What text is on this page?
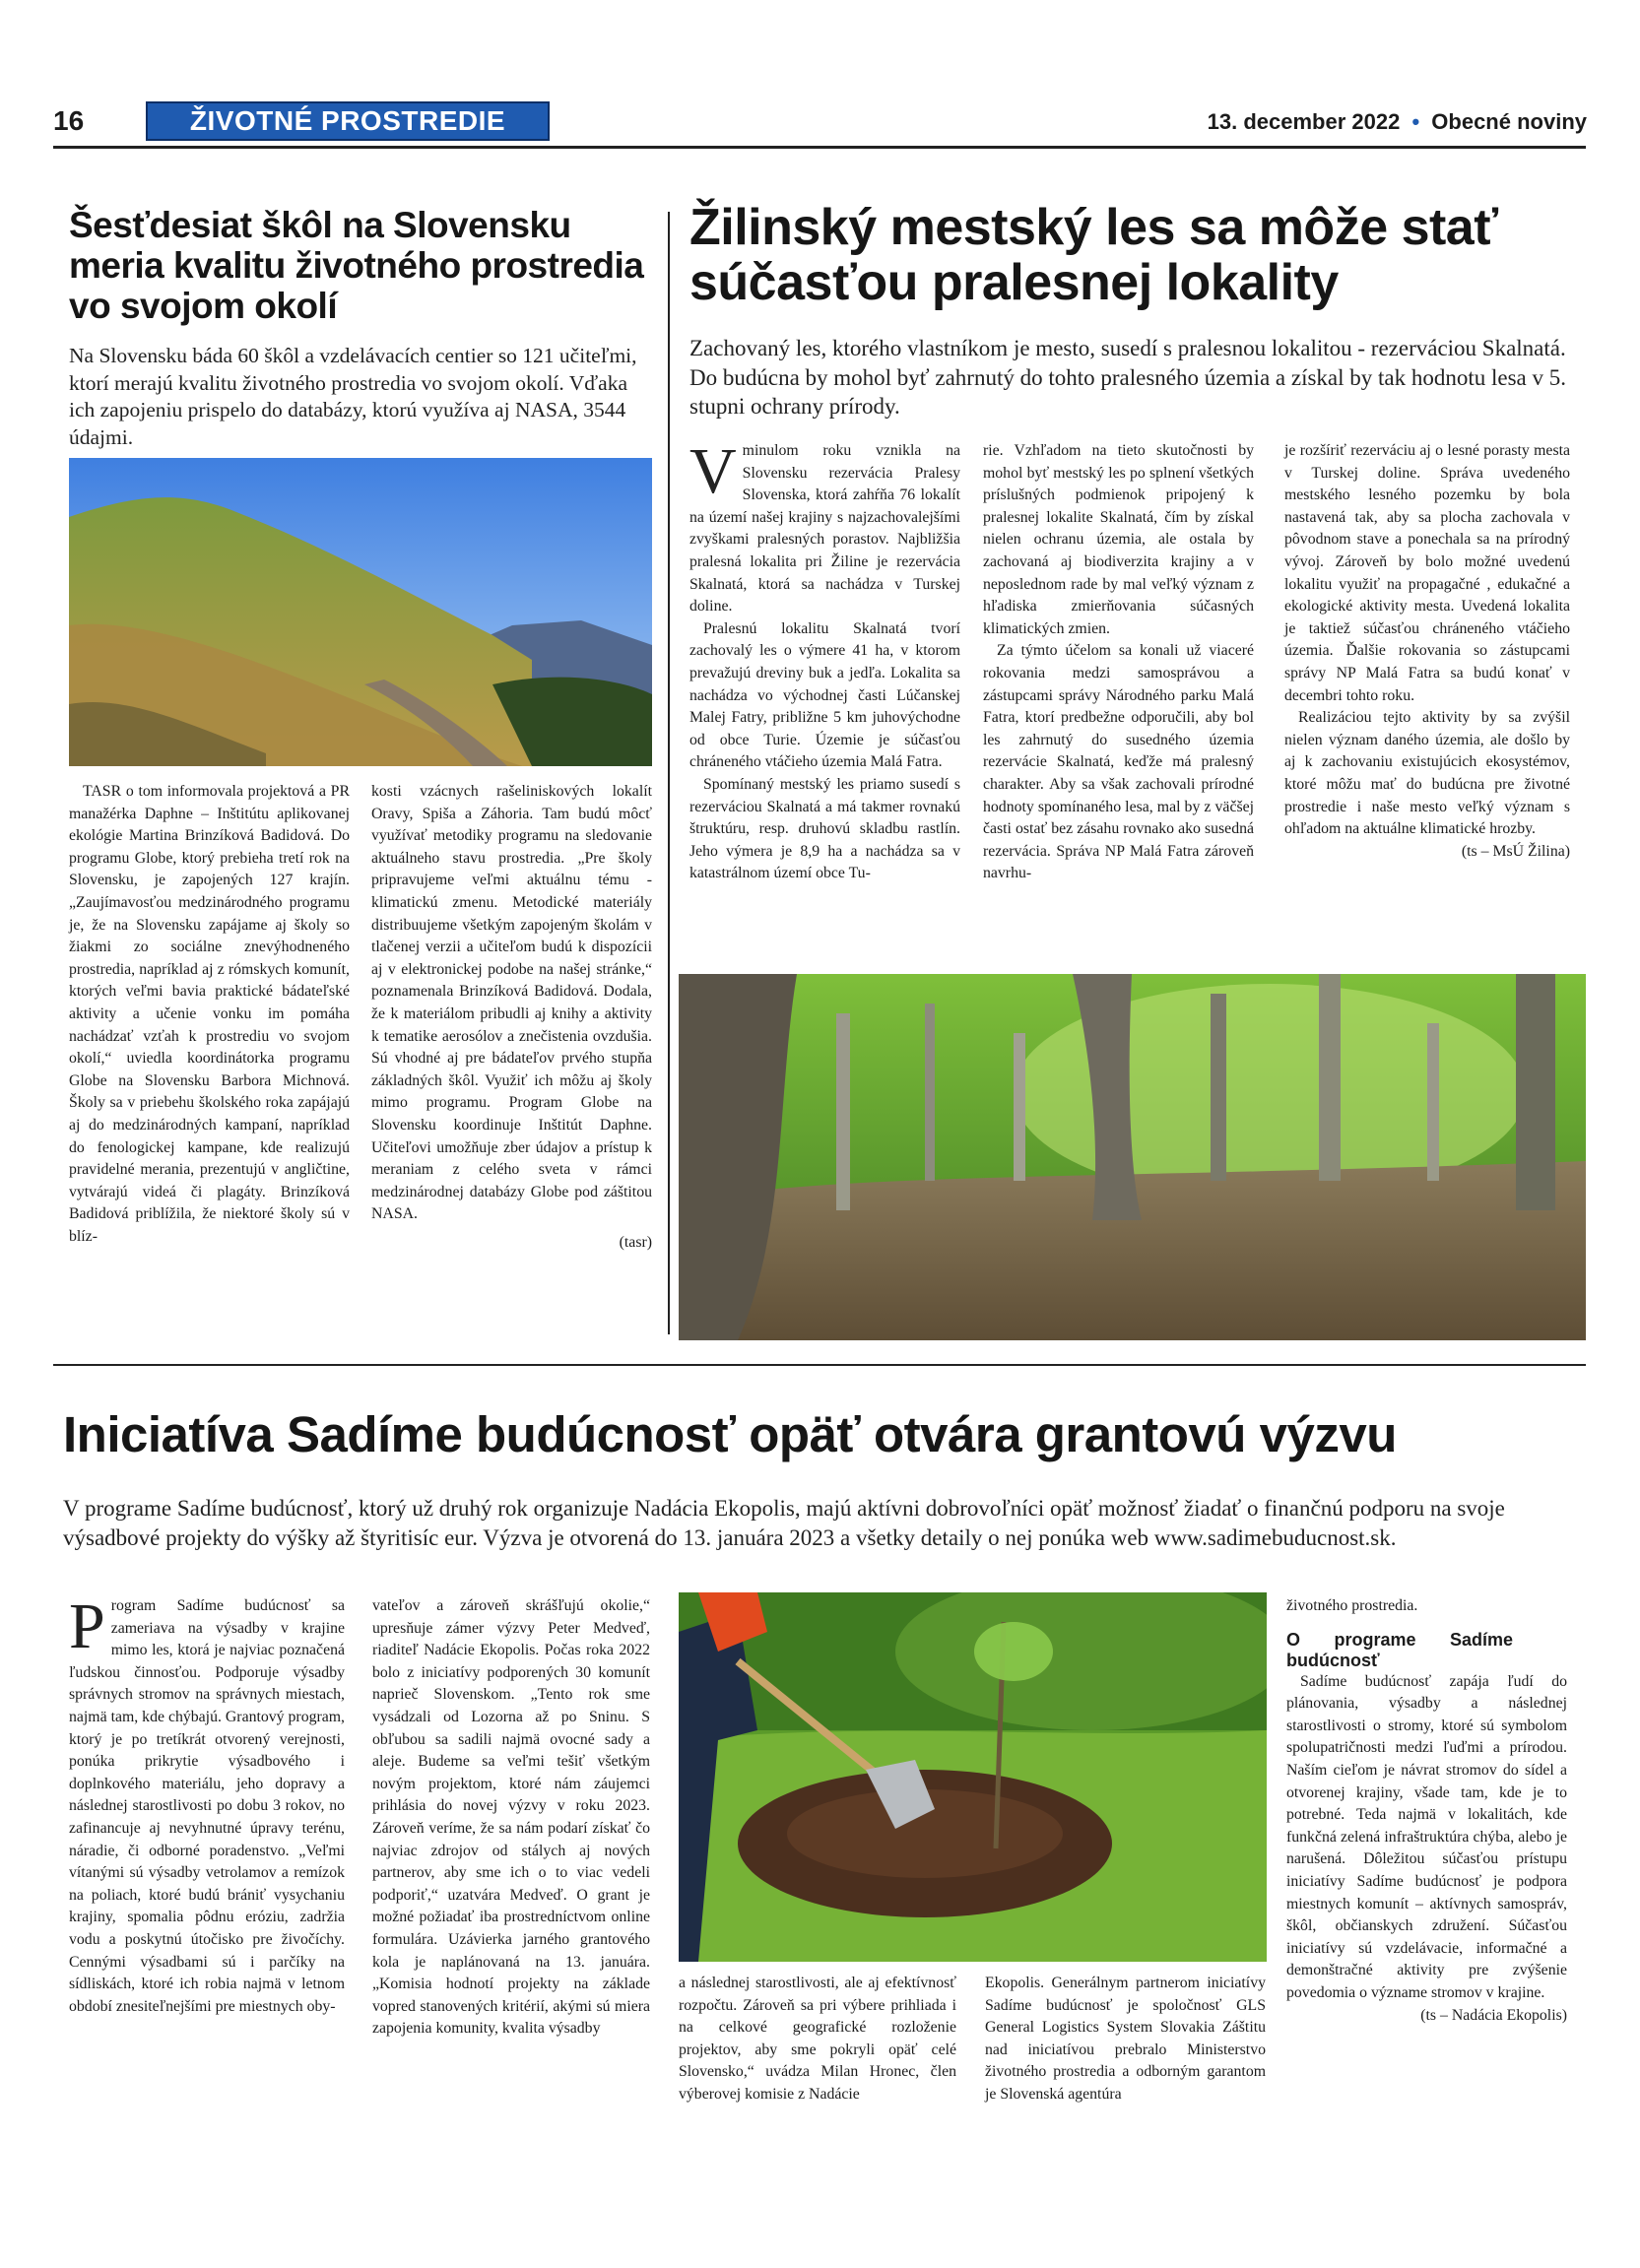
16	ŽIVOTNÉ PROSTREDIE	13. december 2022 • Obecné noviny
Šesťdesiat škôl na Slovensku meria kvalitu životného prostredia vo svojom okolí
Na Slovensku báda 60 škôl a vzdelávacích centier so 121 učiteľmi, ktorí merajú kvalitu životného prostredia vo svojom okolí. Vďaka ich zapojeniu prispelo do databázy, ktorú využíva aj NASA, 3544 údajmi.

TASR o tom informovala projektová a PR manažérka Daphne – Inštitútu aplikovanej ekológie Martina Brinzíková Badidová. Do programu Globe, ktorý prebieha tretí rok na Slovensku, je zapojených 127 krajín. „Zaujímavosťou medzinárodného programu je, že na Slovensku zapájame aj školy so žiakmi zo sociálne znevýhodneného prostredia, napríklad aj z rómskych komunít, ktorých veľmi bavia praktické bádateľské aktivity a učenie vonku im pomáha nachádzať vzťah k prostrediu vo svojom okolí,“ uviedla koordinátorka programu Globe na Slovensku Barbora Michnová. Školy sa v priebehu školského roka zapájajú aj do medzinárodných kampaní, napríklad do fenologickej kampane, kde realizujú pravidelné merania, prezentujú v angličtine, vytvárajú videá či plagáty. Brinzíková Badidová priblížila, že niektoré školy sú v blíz-

kosti vzácnych rašeliniskových lokalít Oravy, Spiša a Záhoria. Tam budú môcť využívať metodiky programu na sledovanie aktuálneho stavu prostredia. „Pre školy pripravujeme veľmi aktuálnu tému - klimatickú zmenu. Metodické materiály distribuujeme všetkým zapojeným školám v tlačenej verzii a učiteľom budú k dispozícii aj v elektronickej podobe na našej stránke,“ poznamenala Brinzíková Badidová. Dodala, že k materiálom pribudli aj knihy a aktivity k tematike aerosólov a znečistenia ovzdušia. Sú vhodné aj pre bádateľov prvého stupňa základných škôl. Využiť ich môžu aj školy mimo programu. Program Globe na Slovensku koordinuje Inštitút Daphne. Učiteľovi umožňuje zber údajov a prístup k meraniam z celého sveta v rámci medzinárodnej databázy Globe pod záštitou NASA.

(tasr)
Žilinský mestský les sa môže stať súčasťou pralesnej lokality
Zachovaný les, ktorého vlastníkom je mesto, susedí s pralesnou lokalitou - rezerváciou Skalnatá. Do budúcna by mohol byť zahrnutý do tohto pralesného územia a získal by tak hodnotu lesa v 5. stupni ochrany prírody.

Vminulom roku vznikla na Slovensku rezervácia Pralesy Slovenska, ktorá zahŕňa 76 lokalít na území našej krajiny s najzachovalejšími zvyškami pralesných porastov. Najbližšia pralesná lokalita pri Žiline je rezervácia Skalnatá, ktorá sa nachádza v Turskej doline.

Pralesnú lokalitu Skalnatá tvorí zachovalý les o výmere 41 ha, v ktorom prevažujú dreviny buk a jedľa. Lokalita sa nachádza vo východnej časti Lúčanskej Malej Fatry, približne 5 km juhovýchodne od obce Turie. Územie je súčasťou chráneného vtáčieho územia Malá Fatra.

Spomínaný mestský les priamo susedí s rezerváciou Skalnatá a má takmer rovnakú štruktúru, resp. druhovú skladbu rastlín. Jeho výmera je 8,9 ha a nachádza sa v katastrálnom území obce Tu-

rie. Vzhľadom na tieto skutočnosti by mohol byť mestský les po splnení všetkých príslušných podmienok pripojený k pralesnej lokalite Skalnatá, čím by získal nielen ochranu územia, ale ostala by zachovaná aj biodiverzita krajiny a v neposlednom rade by mal veľký význam z hľadiska zmierňovania súčasných klimatických zmien.

Za týmto účelom sa konali už viaceré rokovania medzi samosprávou a zástupcami správy Národného parku Malá Fatra, ktorí predbežne odporučili, aby bol les zahrnutý do susedného územia rezervácie Skalnatá, keďže má pralesný charakter. Aby sa však zachovali prírodné hodnoty spomínaného lesa, mal by z väčšej časti ostať bez zásahu rovnako ako susedná rezervácia. Správa NP Malá Fatra zároveň navrhu-

je rozšíriť rezerváciu aj o lesné porasty mesta v Turskej doline. Správa uvedeného mestského lesného pozemku by bola nastavená tak, aby sa plocha zachovala v pôvodnom stave a ponechala sa na prírodný vývoj. Zároveň by bolo možné uvedenú lokalitu využiť na propagačné , edukačné a ekologické aktivity mesta. Uvedená lokalita je taktiež súčasťou chráneného vtáčieho územia. Ďalšie rokovania so zástupcami správy NP Malá Fatra sa budú konať v decembri tohto roku.

Realizáciou tejto aktivity by sa zvýšil nielen význam daného územia, ale došlo by aj k zachovaniu existujúcich ekosystémov, ktoré môžu mať do budúcna pre životné prostredie i naše mesto veľký význam s ohľadom na aktuálne klimatické hrozby.

(ts – MsÚ Žilina)
Iniciatíva Sadíme budúcnosť opäť otvára grantovú výzvu
V programe Sadíme budúcnosť, ktorý už druhý rok organizuje Nadácia Ekopolis, majú aktívni dobrovoľníci opäť možnosť žiadať o finančnú podporu na svoje výsadbové projekty do výšky až štyritisíc eur. Výzva je otvorená do 13. januára 2023 a všetky detaily o nej ponúka web www.sadimebuducnost.sk.

Program Sadíme budúcnosť sa zameriava na výsadby v krajine mimo les, ktorá je najviac poznačená ľudskou činnosťou. Podporuje výsadby správnych stromov na správnych miestach, najmä tam, kde chýbajú. Grantový program, ktorý je po tretíkrát otvorený verejnosti, ponúka prikrytie výsadbového i doplnkového materiálu, jeho dopravy a následnej starostlivosti po dobu 3 rokov, no zafinancuje aj nevyhnutné úpravy terénu, náradie, či odborné poradenstvo. „Veľmi vítanými sú výsadby vetrolamov a remízok na poliach, ktoré budú brániť vysychaniu krajiny, spomalia pôdnu eróziu, zadržia vodu a poskytnú útočisko pre živočíchy. Cennými výsadbami sú i parčíky na sídliskách, ktoré ich robia najmä v letnom období znesiteľnejšími pre miestnych oby-

vateľov a zároveň skrášľujú okolie,“ upresňuje zámer výzvy Peter Medveď, riaditeľ Nadácie Ekopolis. Počas roka 2022 bolo z iniciatívy podporených 30 komunít naprieč Slovenskom. „Tento rok sme vysádzali od Lozorna až po Sninu. S obľubou sa sadili najmä ovocné sady a aleje. Budeme sa veľmi tešiť všetkým novým projektom, ktoré nám záujemci prihlásia do novej výzvy v roku 2023. Zároveň veríme, že sa nám podarí získať čo najviac zdrojov od stálych aj nových partnerov, aby sme ich o to viac vedeli podporiť,“ uzatvára Medveď. O grant je možné požiadať iba prostredníctvom onlinе formulára. Uzávierka jarného grantového kola je naplánovaná na 13. januára. „Komisia hodnotí projekty na základe vopred stanovených kritérií, akými sú miera zapojenia komunity, kvalita výsadby

a následnej starostlivosti, ale aj efektívnosť rozpočtu. Zároveň sa pri výbere prihliada i na celkové geografické rozloženie projektov, aby sme pokryli opäť celé Slovensko,“ uvádza Milan Hronec, člen výberovej komisie z Nadácie

Ekopolis. Generálnym partnerom iniciatívy Sadíme budúcnosť je spoločnosť GLS General Logistics System Slovakia Záštitu nad iniciatívou prebralo Ministerstvo životného prostredia a odborným garantom je Slovenská agentúra

životného prostredia.

O programe Sadíme budúcnosť

Sadíme budúcnosť zapája ľudí do plánovania, výsadby a následnej starostlivosti o stromy, ktoré sú symbolom spolupatričnosti medzi ľuďmi a prírodou. Naším cieľom je návrat stromov do sídel a otvorenej krajiny, všade tam, kde je to potrebné. Teda najmä v lokalitách, kde funkčná zelená infraštruktúra chýba, alebo je narušená. Dôležitou súčasťou prístupu iniciatívy Sadíme budúcnosť je podpora miestnych komunít – aktívnych samospráv, škôl, občianskych združení. Súčasťou iniciatívy sú vzdelávacie, informačné a demonštračné aktivity pre zvýšenie povedomia o význame stromov v krajine.

(ts – Nadácia Ekopolis)
